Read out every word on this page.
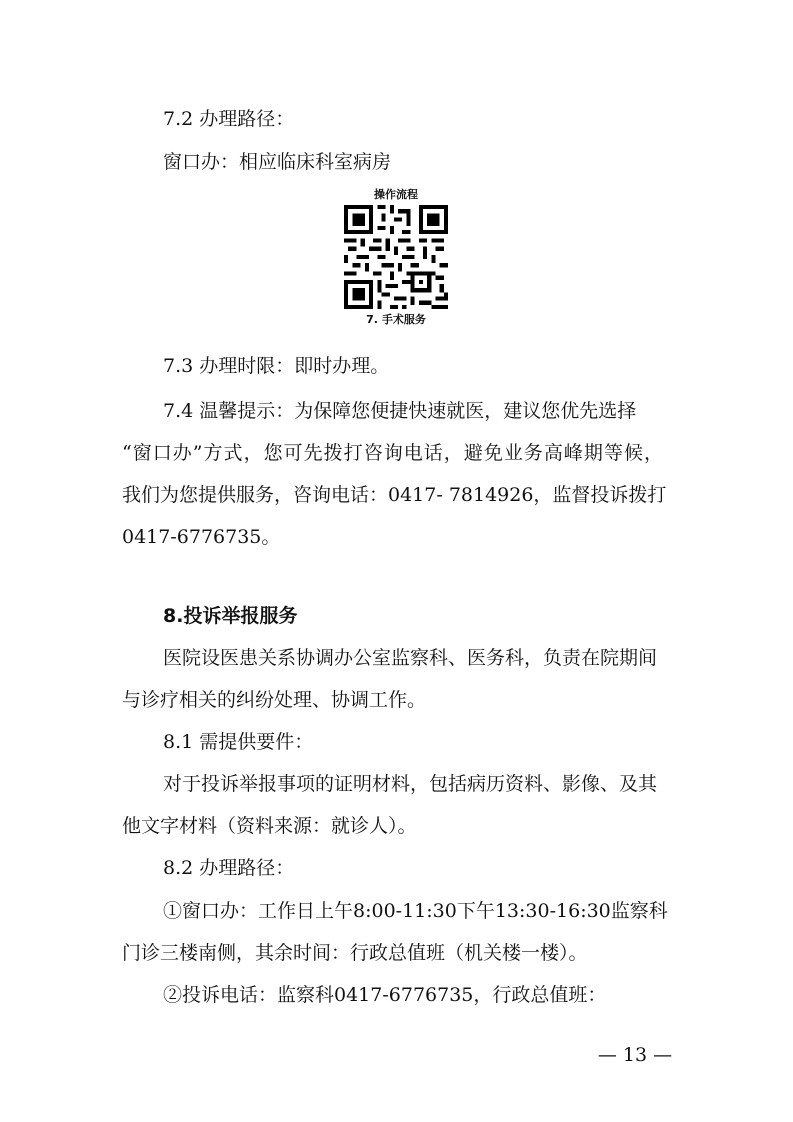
7.2 办理路径：
窗口办：相应临床科室病房
操作流程
7. 手术服务
7.3 办理时限：即时办理。
7.4 温馨提示：为保障您便捷快速就医，建议您优先选择
“窗口办”方式，您可先拨打咨询电话，避免业务高峰期等候，
我们为您提供服务，咨询电话：0417- 7814926，监督投诉拨打
0417-6776735。
8.投诉举报服务
医院设医患关系协调办公室监察科、医务科，负责在院期间
与诊疗相关的纠纷处理、协调工作。
8.1 需提供要件：
对于投诉举报事项的证明材料，包括病历资料、影像、及其
他文字材料（资料来源：就诊人）。
8.2 办理路径：
①窗口办：工作日上午8:00-11:30下午13:30-16:30监察科
门诊三楼南侧，其余时间：行政总值班（机关楼一楼）。
②投诉电话：监察科0417-6776735，行政总值班：
— 13 —
